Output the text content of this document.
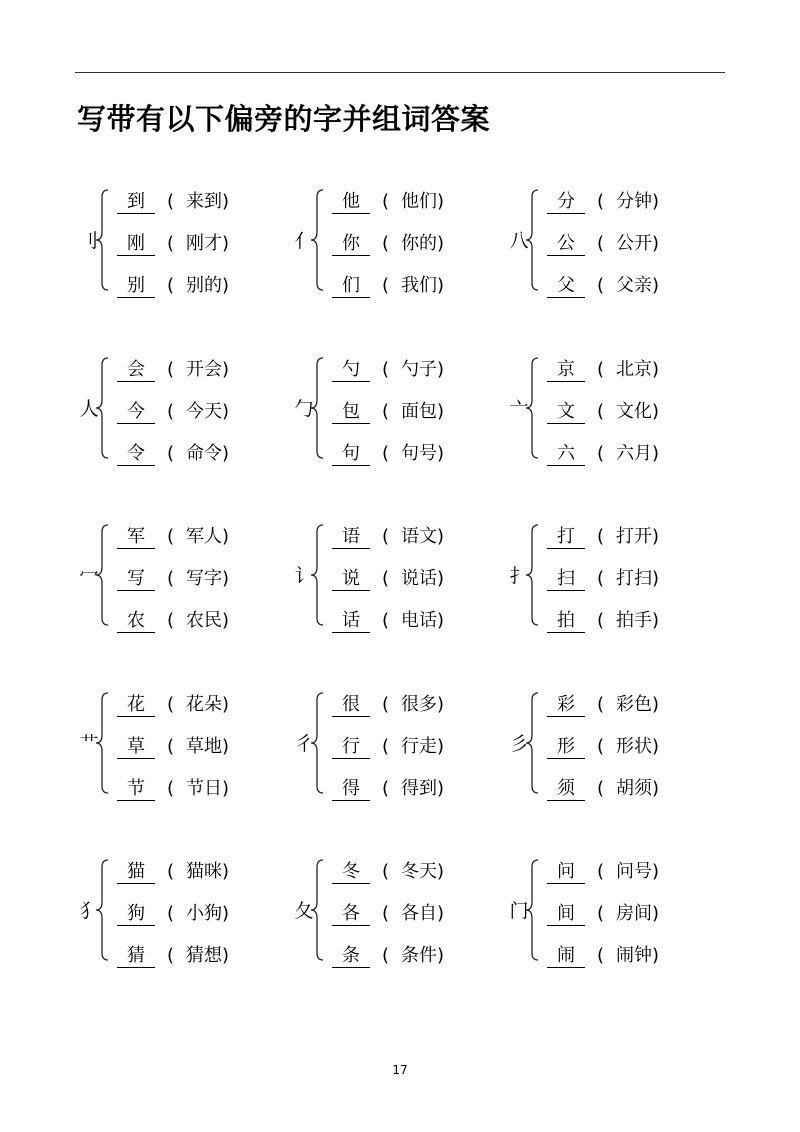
写带有以下偏旁的字并组词答案
刂
到	( 来到 )
刚	( 刚才 )
别	( 别的 )
亻
他	( 他们 )
你	( 你的 )
们	( 我们 )
八
分	( 分钟 )
公	( 公开 )
父	( 父亲 )
人
会	( 开会 )
今	( 今天 )
令	( 命令 )
勹
勺	( 勺子 )
包	( 面包 )
句	( 句号 )
亠
京	( 北京 )
文	( 文化 )
六	( 六月 )
冖
军	( 军人 )
写	( 写字 )
农	( 农民 )
讠
语	( 语文 )
说	( 说话 )
话	( 电话 )
扌
打	( 打开 )
扫	( 打扫 )
拍	( 拍手 )
艹
花	( 花朵 )
草	( 草地 )
节	( 节日 )
彳
很	( 很多 )
行	( 行走 )
得	( 得到 )
彡
彩	( 彩色 )
形	( 形状 )
须	( 胡须 )
犭
猫	( 猫咪 )
狗	( 小狗 )
猜	( 猜想 )
夂
冬	( 冬天 )
各	( 各自 )
条	( 条件 )
门
问	( 问号 )
间	( 房间 )
闹	( 闹钟 )
17
